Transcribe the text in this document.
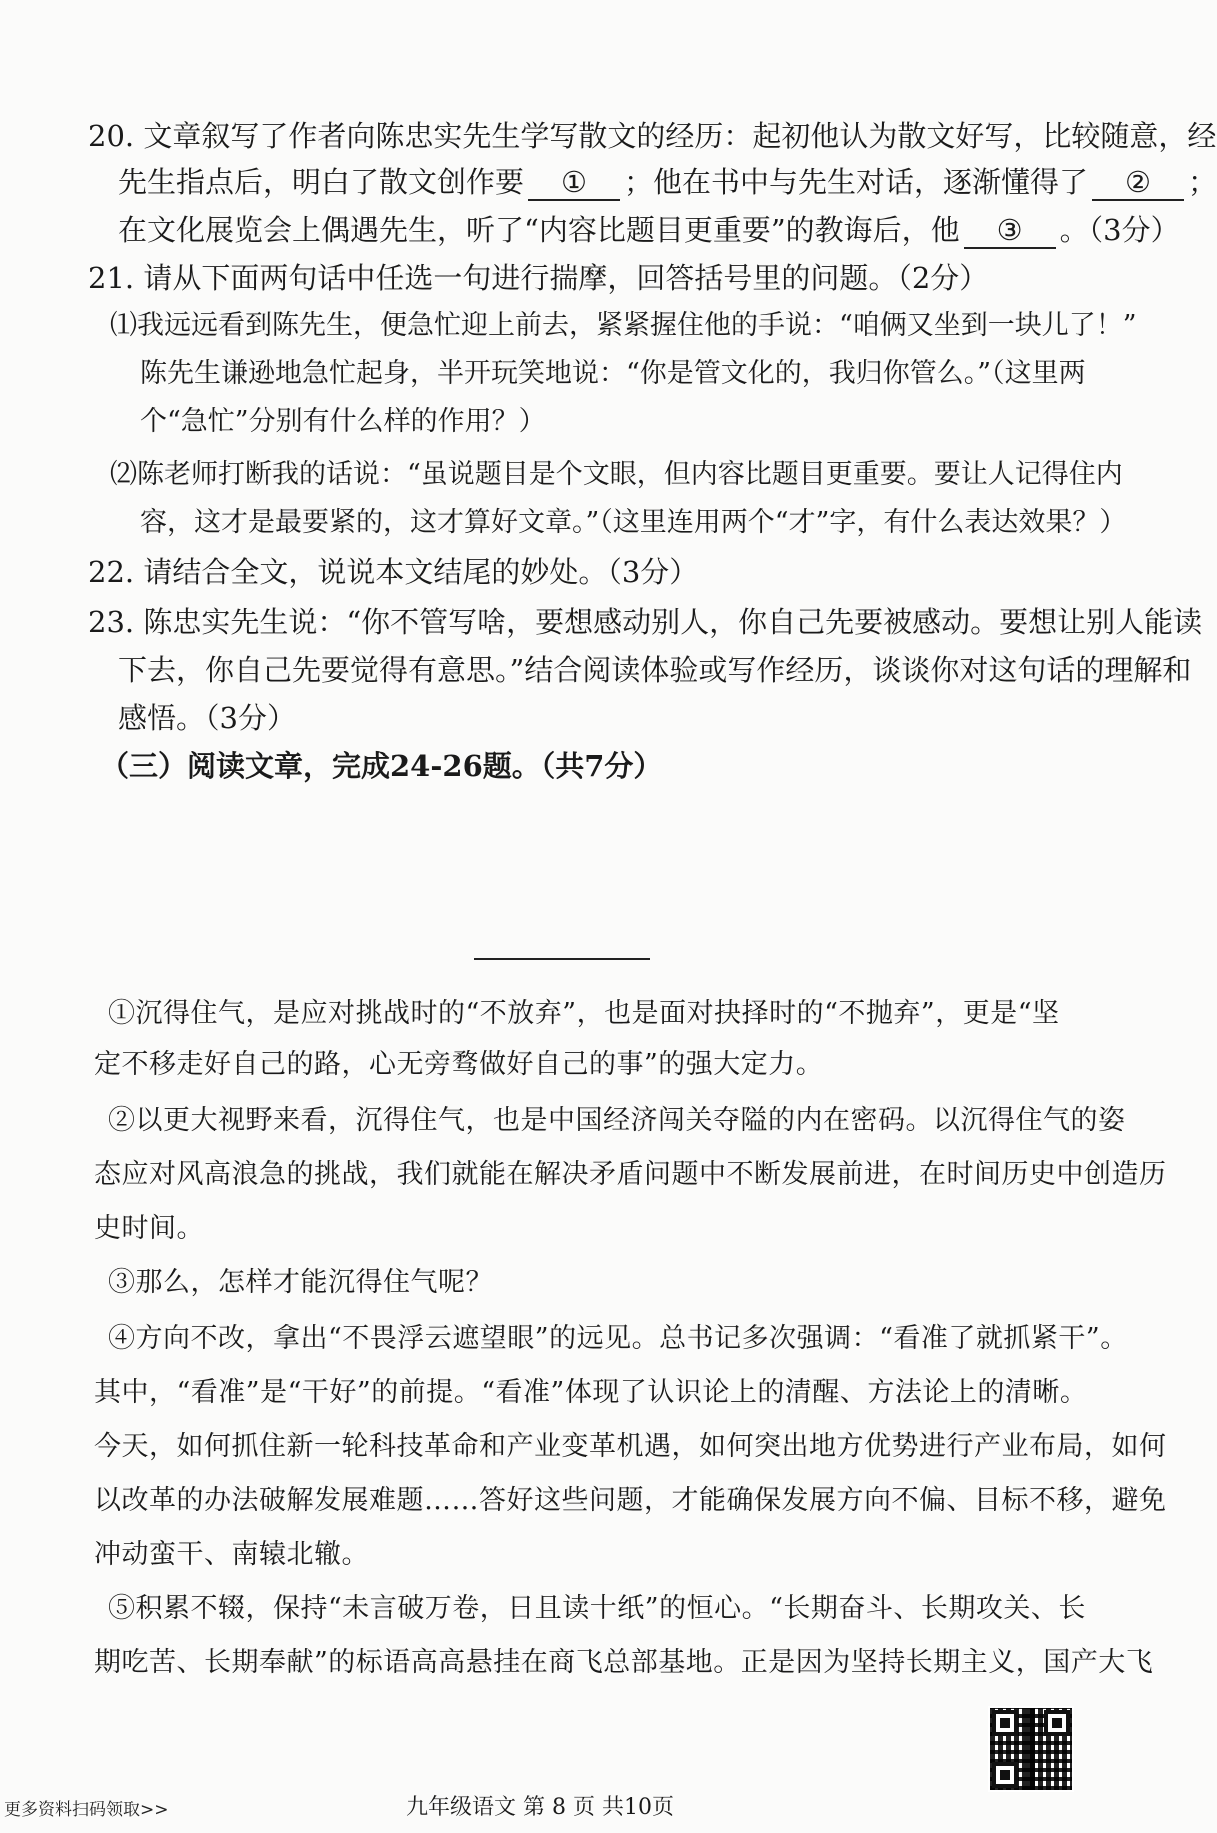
20. 文章叙写了作者向陈忠实先生学写散文的经历：起初他认为散文好写，比较随意，经
先生指点后，明白了散文创作要 ① ；他在书中与先生对话，逐渐懂得了 ② ；
在文化展览会上偶遇先生，听了“内容比题目更重要”的教诲后，他 ③ 。（3分）
21. 请从下面两句话中任选一句进行揣摩，回答括号里的问题。（2分）
⑴我远远看到陈先生，便急忙迎上前去，紧紧握住他的手说：“咱俩又坐到一块儿了！”
陈先生谦逊地急忙起身，半开玩笑地说：“你是管文化的，我归你管么。”（这里两
个“急忙”分别有什么样的作用？）
⑵陈老师打断我的话说：“虽说题目是个文眼，但内容比题目更重要。要让人记得住内
容，这才是最要紧的，这才算好文章。”（这里连用两个“才”字，有什么表达效果？）
22. 请结合全文，说说本文结尾的妙处。（3分）
23. 陈忠实先生说：“你不管写啥，要想感动别人，你自己先要被感动。要想让别人能读
下去，你自己先要觉得有意思。”结合阅读体验或写作经历，谈谈你对这句话的理解和
感悟。（3分）
（三）阅读文章，完成24-26题。（共7分）
①沉得住气，是应对挑战时的“不放弃”，也是面对抉择时的“不抛弃”，更是“坚
定不移走好自己的路，心无旁骛做好自己的事”的强大定力。
②以更大视野来看，沉得住气，也是中国经济闯关夺隘的内在密码。以沉得住气的姿
态应对风高浪急的挑战，我们就能在解决矛盾问题中不断发展前进，在时间历史中创造历
史时间。
③那么，怎样才能沉得住气呢？
④方向不改，拿出“不畏浮云遮望眼”的远见。总书记多次强调：“看准了就抓紧干”。
其中，“看准”是“干好”的前提。“看准”体现了认识论上的清醒、方法论上的清晰。
今天，如何抓住新一轮科技革命和产业变革机遇，如何突出地方优势进行产业布局，如何
以改革的办法破解发展难题……答好这些问题，才能确保发展方向不偏、目标不移，避免
冲动蛮干、南辕北辙。
⑤积累不辍，保持“未言破万卷，日且读十纸”的恒心。“长期奋斗、长期攻关、长
期吃苦、长期奉献”的标语高高悬挂在商飞总部基地。正是因为坚持长期主义，国产大飞
更多资料扫码领取>>	九年级语文 第 8 页 共10页
